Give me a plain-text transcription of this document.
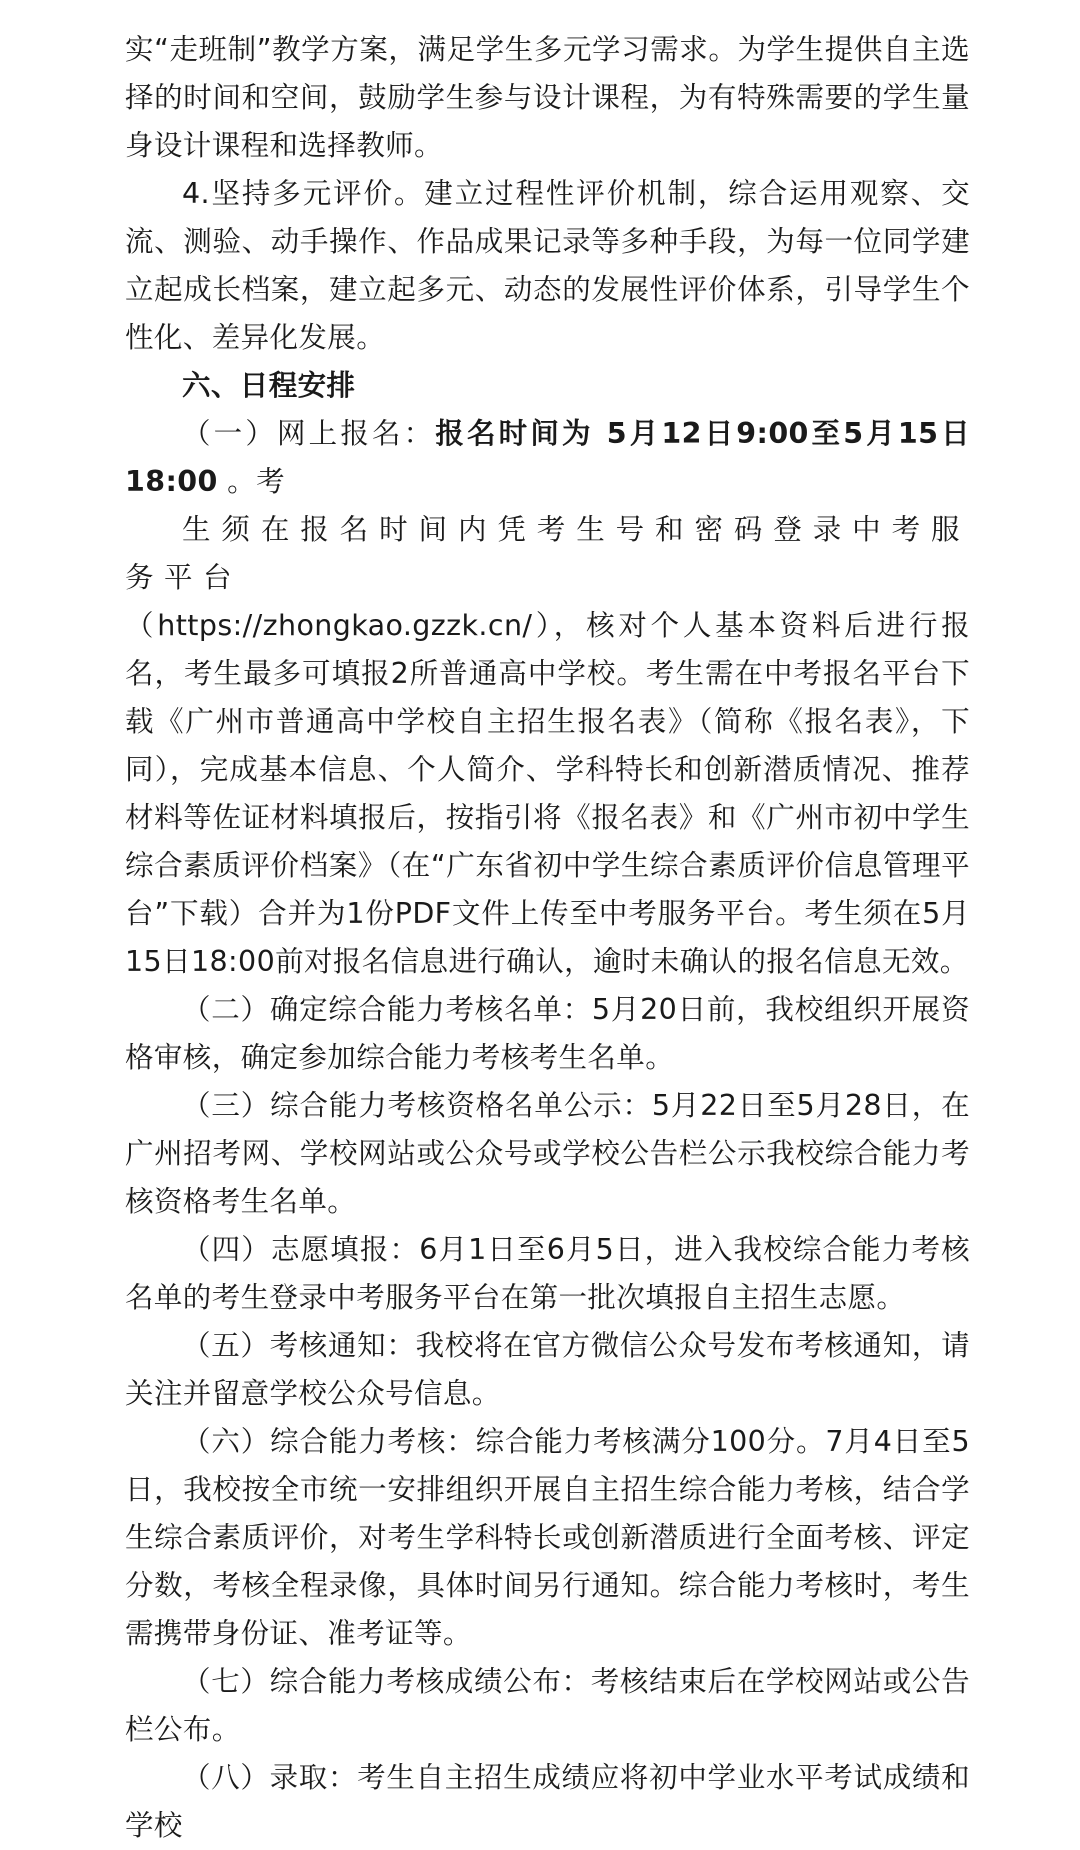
实“走班制”教学方案，满足学生多元学习需求。为学生提供自主选择的时间和空间，鼓励学生参与设计课程，为有特殊需要的学生量身设计课程和选择教师。

4.坚持多元评价。建立过程性评价机制，综合运用观察、交流、测验、动手操作、作品成果记录等多种手段，为每一位同学建立起成长档案，建立起多元、动态的发展性评价体系，引导学生个性化、差异化发展。

六、日程安排

（一）网上报名：报名时间为 5月12日9:00至5月15日18:00 。考
生须在报名时间内凭考生号和密码登录中考服务平台
（https://zhongkao.gzzk.cn/），核对个人基本资料后进行报名，考生最多可填报2所普通高中学校。考生需在中考报名平台下载《广州市普通高中学校自主招生报名表》（简称《报名表》，下同），完成基本信息、个人简介、学科特长和创新潜质情况、推荐材料等佐证材料填报后，按指引将《报名表》和《广州市初中学生综合素质评价档案》（在“广东省初中学生综合素质评价信息管理平台”下载）合并为1份PDF文件上传至中考服务平台。考生须在5月15日18:00前对报名信息进行确认，逾时未确认的报名信息无效。

（二）确定综合能力考核名单：5月20日前，我校组织开展资格审核，确定参加综合能力考核考生名单。

（三）综合能力考核资格名单公示：5月22日至5月28日，在广州招考网、学校网站或公众号或学校公告栏公示我校综合能力考核资格考生名单。

（四）志愿填报：6月1日至6月5日，进入我校综合能力考核名单的考生登录中考服务平台在第一批次填报自主招生志愿。

（五）考核通知：我校将在官方微信公众号发布考核通知，请关注并留意学校公众号信息。

（六）综合能力考核：综合能力考核满分100分。7月4日至5日，我校按全市统一安排组织开展自主招生综合能力考核，结合学生综合素质评价，对考生学科特长或创新潜质进行全面考核、评定分数，考核全程录像，具体时间另行通知。综合能力考核时，考生需携带身份证、准考证等。

（七）综合能力考核成绩公布：考核结束后在学校网站或公告栏公布。

（八）录取：考生自主招生成绩应将初中学业水平考试成绩和学校
